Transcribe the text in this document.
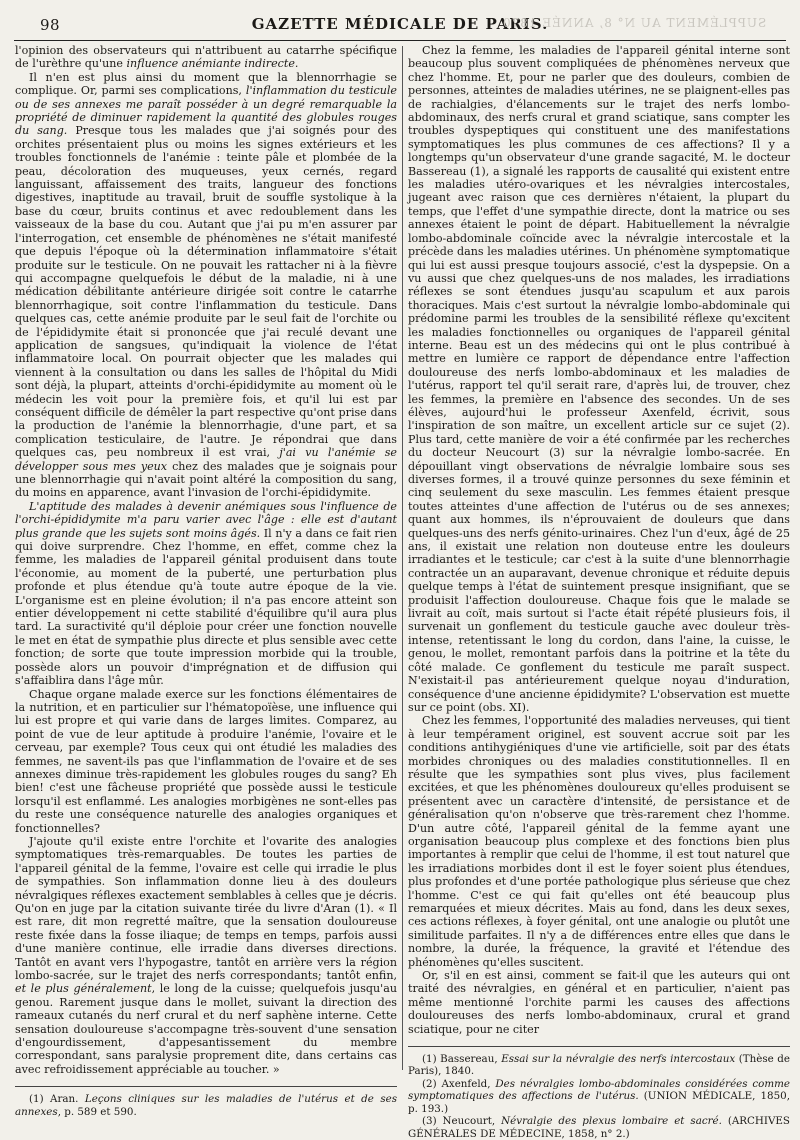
98	GAZETTE MÉDICALE DE PARIS.
SUPPLÉMENT AU N° 8, ANNÉE 1870

l'opinion des observateurs qui n'attribuent au catarrhe spécifique de l'urèthre qu'une influence anémiante indirecte.

Il n'en est plus ainsi du moment que la blennorrhagie se complique. Or, parmi ses complications, l'inflammation du testicule ou de ses annexes me paraît posséder à un degré remarquable la propriété de diminuer rapidement la quantité des globules rouges du sang. Presque tous les malades que j'ai soignés pour des orchites présentaient plus ou moins les signes extérieurs et les troubles fonctionnels de l'anémie : teinte pâle et plombée de la peau, décoloration des muqueuses, yeux cernés, regard languissant, affaissement des traits, langueur des fonctions digestives, inaptitude au travail, bruit de souffle systolique à la base du cœur, bruits continus et avec redoublement dans les vaisseaux de la base du cou. Autant que j'ai pu m'en assurer par l'interrogation, cet ensemble de phénomènes ne s'était manifesté que depuis l'époque où la détermination inflammatoire s'était produite sur le testicule. On ne pouvait les rattacher ni à la fièvre qui accompagne quelquefois le début de la maladie, ni à une médication débilitante antérieure dirigée soit contre le catarrhe blennorrhagique, soit contre l'inflammation du testicule. Dans quelques cas, cette anémie produite par le seul fait de l'orchite ou de l'épididymite était si prononcée que j'ai reculé devant une application de sangsues, qu'indiquait la violence de l'état inflammatoire local. On pourrait objecter que les malades qui viennent à la consultation ou dans les salles de l'hôpital du Midi sont déjà, la plupart, atteints d'orchi-épididymite au moment où le médecin les voit pour la première fois, et qu'il lui est par conséquent difficile de démêler la part respective qu'ont prise dans la production de l'anémie la blennorrhagie, d'une part, et sa complication testiculaire, de l'autre. Je répondrai que dans quelques cas, peu nombreux il est vrai, j'ai vu l'anémie se développer sous mes yeux chez des malades que je soignais pour une blennorrhagie qui n'avait point altéré la composition du sang, du moins en apparence, avant l'invasion de l'orchi-épididymite.

L'aptitude des malades à devenir anémiques sous l'influence de l'orchi-épididymite m'a paru varier avec l'âge : elle est d'autant plus grande que les sujets sont moins âgés. Il n'y a dans ce fait rien qui doive surprendre. Chez l'homme, en effet, comme chez la femme, les maladies de l'appareil génital produisent dans toute l'économie, au moment de la puberté, une perturbation plus profonde et plus étendue qu'à toute autre époque de la vie. L'organisme est en pleine évolution; il n'a pas encore atteint son entier développement ni cette stabilité d'équilibre qu'il aura plus tard. La suractivité qu'il déploie pour créer une fonction nouvelle le met en état de sympathie plus directe et plus sensible avec cette fonction; de sorte que toute impression morbide qui la trouble, possède alors un pouvoir d'imprégnation et de diffusion qui s'affaiblira dans l'âge mûr.

Chaque organe malade exerce sur les fonctions élémentaires de la nutrition, et en particulier sur l'hématopoïèse, une influence qui lui est propre et qui varie dans de larges limites. Comparez, au point de vue de leur aptitude à produire l'anémie, l'ovaire et le cerveau, par exemple? Tous ceux qui ont étudié les maladies des femmes, ne savent-ils pas que l'inflammation de l'ovaire et de ses annexes diminue très-rapidement les globules rouges du sang? Eh bien! c'est une fâcheuse propriété que possède aussi le testicule lorsqu'il est enflammé. Les analogies morbigènes ne sont-elles pas du reste une conséquence naturelle des analogies organiques et fonctionnelles?

J'ajoute qu'il existe entre l'orchite et l'ovarite des analogies symptomatiques très-remarquables. De toutes les parties de l'appareil génital de la femme, l'ovaire est celle qui irradie le plus de sympathies. Son inflammation donne lieu à des douleurs névralgiques réflexes exactement semblables à celles que je décris. Qu'on en juge par la citation suivante tirée du livre d'Aran (1). « Il est rare, dit mon regretté maître, que la sensation douloureuse reste fixée dans la fosse iliaque; de temps en temps, parfois aussi d'une manière continue, elle irradie dans diverses directions. Tantôt en avant vers l'hypogastre, tantôt en arrière vers la région lombo-sacrée, sur le trajet des nerfs correspondants; tantôt enfin, et le plus généralement, le long de la cuisse; quelquefois jusqu'au genou. Rarement jusque dans le mollet, suivant la direction des rameaux cutanés du nerf crural et du nerf saphène interne. Cette sensation douloureuse s'accompagne très-souvent d'une sensation d'engourdissement, d'appesantissement du membre correspondant, sans paralysie proprement dite, dans certains cas avec refroidissement appréciable au toucher. »

(1) Aran. Leçons cliniques sur les maladies de l'utérus et de ses annexes, p. 589 et 590.

Chez la femme, les maladies de l'appareil génital interne sont beaucoup plus souvent compliquées de phénomènes nerveux que chez l'homme. Et, pour ne parler que des douleurs, combien de personnes, atteintes de maladies utérines, ne se plaignent-elles pas de rachialgies, d'élancements sur le trajet des nerfs lombo-abdominaux, des nerfs crural et grand sciatique, sans compter les troubles dyspeptiques qui constituent une des manifestations symptomatiques les plus communes de ces affections? Il y a longtemps qu'un observateur d'une grande sagacité, M. le docteur Bassereau (1), a signalé les rapports de causalité qui existent entre les maladies utéro-ovariques et les névralgies intercostales, jugeant avec raison que ces dernières n'étaient, la plupart du temps, que l'effet d'une sympathie directe, dont la matrice ou ses annexes étaient le point de départ. Habituellement la névralgie lombo-abdominale coïncide avec la névralgie intercostale et la précède dans les maladies utérines. Un phénomène symptomatique qui lui est aussi presque toujours associé, c'est la dyspepsie. On a vu aussi que chez quelques-uns de nos malades, les irradiations réflexes se sont étendues jusqu'au scapulum et aux parois thoraciques. Mais c'est surtout la névralgie lombo-abdominale qui prédomine parmi les troubles de la sensibilité réflexe qu'excitent les maladies fonctionnelles ou organiques de l'appareil génital interne. Beau est un des médecins qui ont le plus contribué à mettre en lumière ce rapport de dépendance entre l'affection douloureuse des nerfs lombo-abdominaux et les maladies de l'utérus, rapport tel qu'il serait rare, d'après lui, de trouver, chez les femmes, la première en l'absence des secondes. Un de ses élèves, aujourd'hui le professeur Axenfeld, écrivit, sous l'inspiration de son maître, un excellent article sur ce sujet (2). Plus tard, cette manière de voir a été confirmée par les recherches du docteur Neucourt (3) sur la névralgie lombo-sacrée. En dépouillant vingt observations de névralgie lombaire sous ses diverses formes, il a trouvé quinze personnes du sexe féminin et cinq seulement du sexe masculin. Les femmes étaient presque toutes atteintes d'une affection de l'utérus ou de ses annexes; quant aux hommes, ils n'éprouvaient de douleurs que dans quelques-uns des nerfs génito-urinaires. Chez l'un d'eux, âgé de 25 ans, il existait une relation non douteuse entre les douleurs irradiantes et le testicule; car c'est à la suite d'une blennorrhagie contractée un an auparavant, devenue chronique et réduite depuis quelque temps à l'état de suintement presque insignifiant, que se produisit l'affection douloureuse. Chaque fois que le malade se livrait au coït, mais surtout si l'acte était répété plusieurs fois, il survenait un gonflement du testicule gauche avec douleur très-intense, retentissant le long du cordon, dans l'aine, la cuisse, le genou, le mollet, remontant parfois dans la poitrine et la tête du côté malade. Ce gonflement du testicule me paraît suspect. N'existait-il pas antérieurement quelque noyau d'induration, conséquence d'une ancienne épididymite? L'observation est muette sur ce point (obs. XI).

Chez les femmes, l'opportunité des maladies nerveuses, qui tient à leur tempérament originel, est souvent accrue soit par les conditions antihygiéniques d'une vie artificielle, soit par des états morbides chroniques ou des maladies constitutionnelles. Il en résulte que les sympathies sont plus vives, plus facilement excitées, et que les phénomènes douloureux qu'elles produisent se présentent avec un caractère d'intensité, de persistance et de généralisation qu'on n'observe que très-rarement chez l'homme. D'un autre côté, l'appareil génital de la femme ayant une organisation beaucoup plus complexe et des fonctions bien plus importantes à remplir que celui de l'homme, il est tout naturel que les irradiations morbides dont il est le foyer soient plus étendues, plus profondes et d'une portée pathologique plus sérieuse que chez l'homme. C'est ce qui fait qu'elles ont été beaucoup plus remarquées et mieux décrites. Mais au fond, dans les deux sexes, ces actions réflexes, à foyer génital, ont une analogie ou plutôt une similitude parfaites. Il n'y a de différences entre elles que dans le nombre, la durée, la fréquence, la gravité et l'étendue des phénomènes qu'elles suscitent.

Or, s'il en est ainsi, comment se fait-il que les auteurs qui ont traité des névralgies, en général et en particulier, n'aient pas même mentionné l'orchite parmi les causes des affections douloureuses des nerfs lombo-abdominaux, crural et grand sciatique, pour ne citer

(1) Bassereau, Essai sur la névralgie des nerfs intercostaux (Thèse de Paris), 1840.

(2) Axenfeld, Des névralgies lombo-abdominales considérées comme symptomatiques des affections de l'utérus. (UNION MÉDICALE, 1850, p. 193.)

(3) Neucourt, Névralgie des plexus lombaire et sacré. (ARCHIVES GÉNÉRALES DE MÉDECINE, 1858, n° 2.)
